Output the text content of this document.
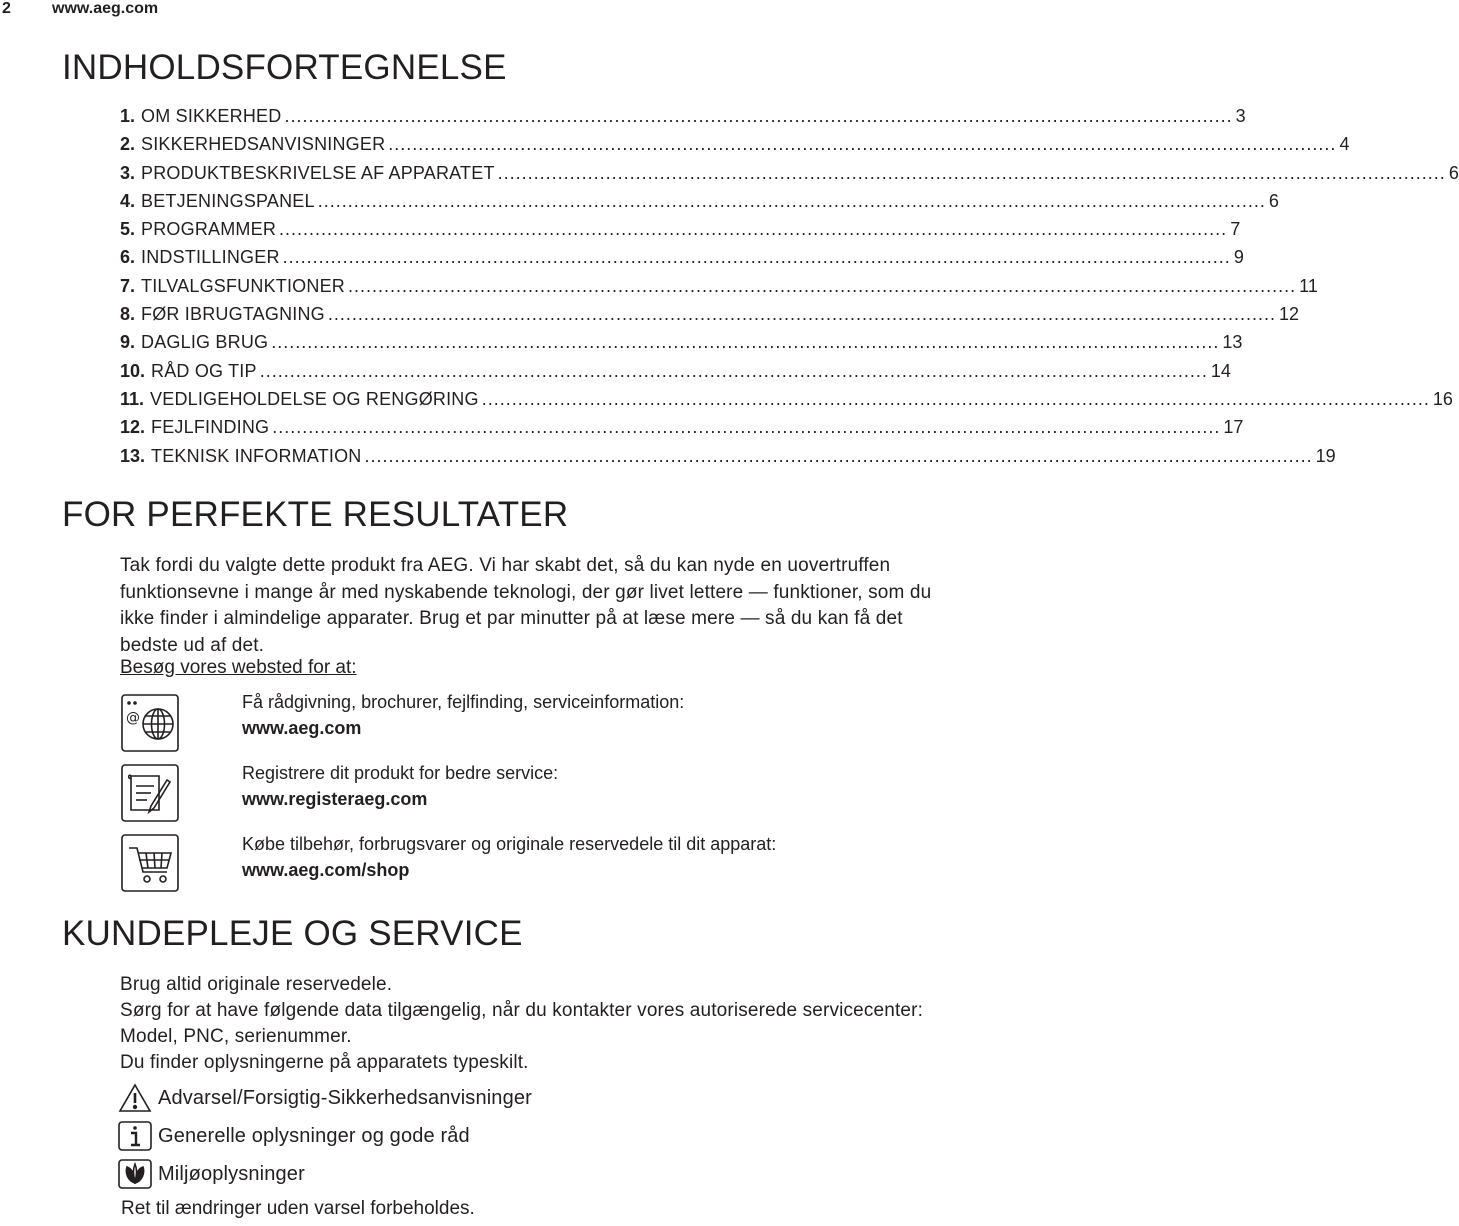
2	www.aeg.com
INDHOLDSFORTEGNELSE
1. OM SIKKERHED .............................................................................................................................................................. 3
2. SIKKERHEDSANVISNINGER .............................................................................................................................................................. 4
3. PRODUKTBESKRIVELSE AF APPARATET .............................................................................................................................................................. 6
4. BETJENINGSPANEL .............................................................................................................................................................. 6
5. PROGRAMMER .............................................................................................................................................................. 7
6. INDSTILLINGER .............................................................................................................................................................. 9
7. TILVALGSFUNKTIONER .............................................................................................................................................................. 11
8. FØR IBRUGTAGNING .............................................................................................................................................................. 12
9. DAGLIG BRUG .............................................................................................................................................................. 13
10. RÅD OG TIP .............................................................................................................................................................. 14
11. VEDLIGEHOLDELSE OG RENGØRING .............................................................................................................................................................. 16
12. FEJLFINDING .............................................................................................................................................................. 17
13. TEKNISK INFORMATION .............................................................................................................................................................. 19
FOR PERFEKTE RESULTATER
Tak fordi du valgte dette produkt fra AEG. Vi har skabt det, så du kan nyde en uovertruffen funktionsevne i mange år med nyskabende teknologi, der gør livet lettere — funktioner, som du ikke finder i almindelige apparater. Brug et par minutter på at læse mere — så du kan få det bedste ud af det.
Besøg vores websted for at:
@
Få rådgivning, brochurer, fejlfinding, serviceinformation:
www.aeg.com
Registrere dit produkt for bedre service:
www.registeraeg.com
Købe tilbehør, forbrugsvarer og originale reservedele til dit apparat:
www.aeg.com/shop
KUNDEPLEJE OG SERVICE
Brug altid originale reservedele.
Sørg for at have følgende data tilgængelig, når du kontakter vores autoriserede servicecenter: Model, PNC, serienummer.
Du finder oplysningerne på apparatets typeskilt.
Advarsel/Forsigtig-Sikkerhedsanvisninger
Generelle oplysninger og gode råd
Miljøoplysninger
Ret til ændringer uden varsel forbeholdes.
